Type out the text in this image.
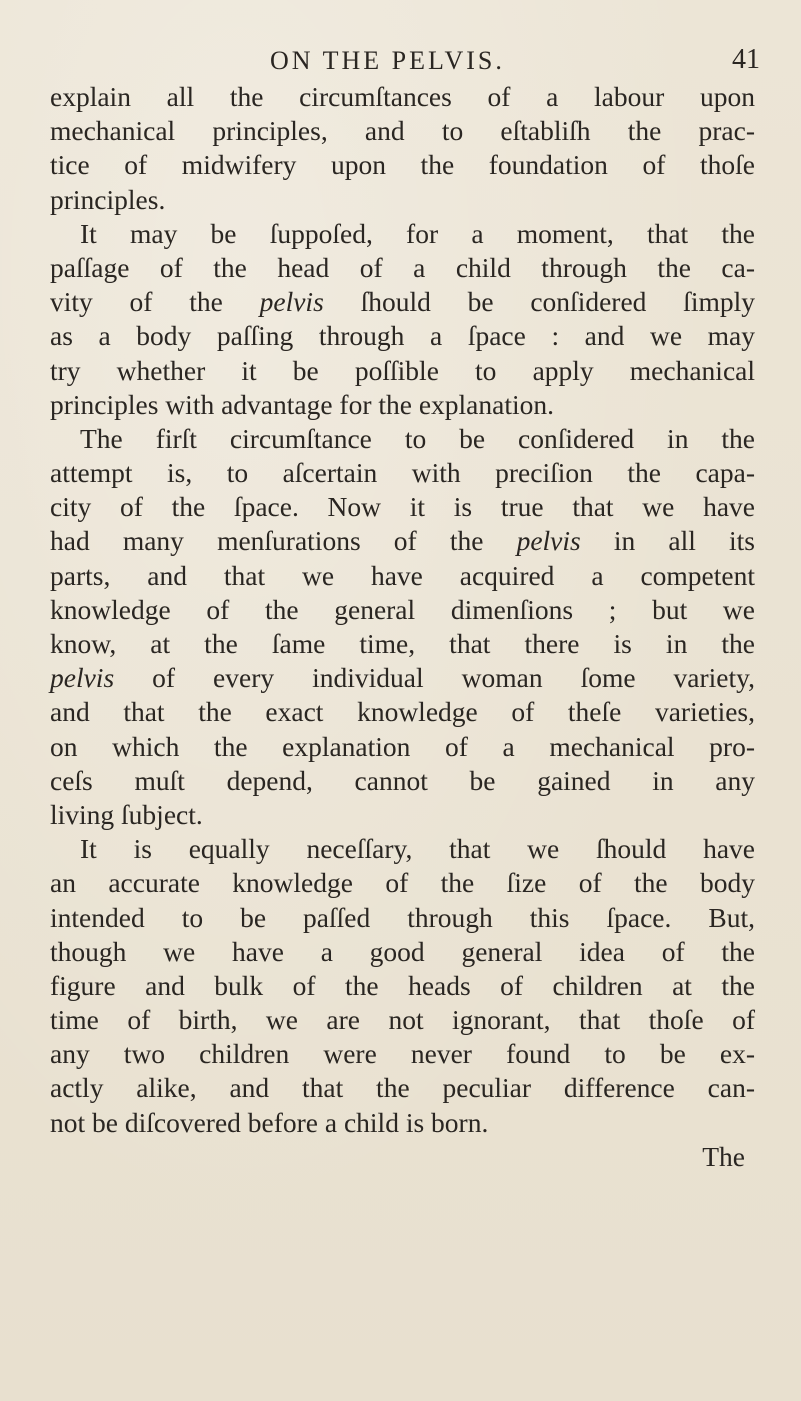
ON THE PELVIS.	41
explain all the circumſtances of a labour upon
mechanical principles, and to eſtabliſh the prac-
tice of midwifery upon the foundation of thoſe
principles.
It may be ſuppoſed, for a moment, that the
paſſage of the head of a child through the ca-
vity of the pelvis ſhould be conſidered ſimply
as a body paſſing through a ſpace : and we may
try whether it be poſſible to apply mechanical
principles with advantage for the explanation.
The firſt circumſtance to be conſidered in the
attempt is, to aſcertain with preciſion the capa-
city of the ſpace. Now it is true that we have
had many menſurations of the pelvis in all its
parts, and that we have acquired a competent
knowledge of the general dimenſions ; but we
know, at the ſame time, that there is in the
pelvis of every individual woman ſome variety,
and that the exact knowledge of theſe varieties,
on which the explanation of a mechanical pro-
ceſs muſt depend, cannot be gained in any
living ſubject.
It is equally neceſſary, that we ſhould have
an accurate knowledge of the ſize of the body
intended to be paſſed through this ſpace. But,
though we have a good general idea of the
figure and bulk of the heads of children at the
time of birth, we are not ignorant, that thoſe of
any two children were never found to be ex-
actly alike, and that the peculiar difference can-
not be diſcovered before a child is born.
The
